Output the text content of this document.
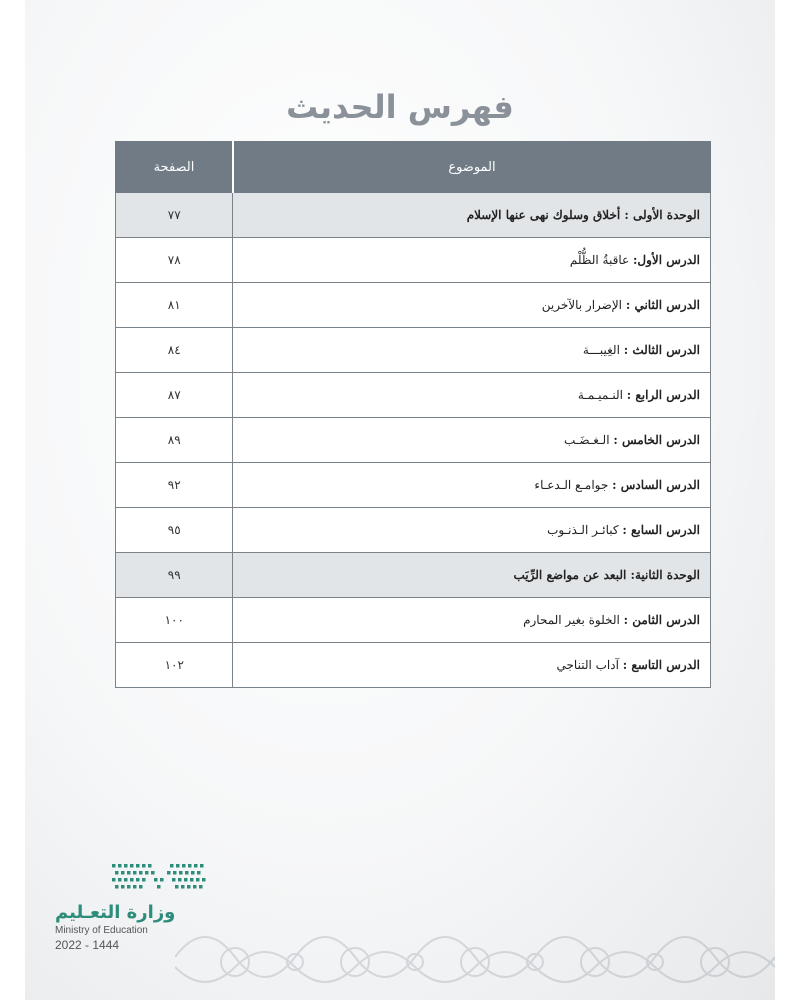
فهرس الحديث
الموضوع	الصفحة
الوحدة الأولى : أخلاق وسلوك نهى عنها الإسلام	٧٧
الدرس الأول: عاقبةُ الظُّلْم	٧٨
الدرس الثاني : الإضرار بالآخرين	٨١
الدرس الثالث : الغِيبـــة	٨٤
الدرس الرابع : النـميـمـة	٨٧
الدرس الخامس : الـغـضَـب	٨٩
الدرس السادس : جوامـع الـدعـاء	٩٢
الدرس السابع : كبائـر الـذنـوب	٩٥
الوحدة الثانية: البعد عن مواضع الرِّيَب	٩٩
الدرس الثامن : الخلوة بغير المحارم	١٠٠
الدرس التاسع : آداب التناجي	١٠٢
وزارة التعـليم
Ministry of Education
2022 - 1444
